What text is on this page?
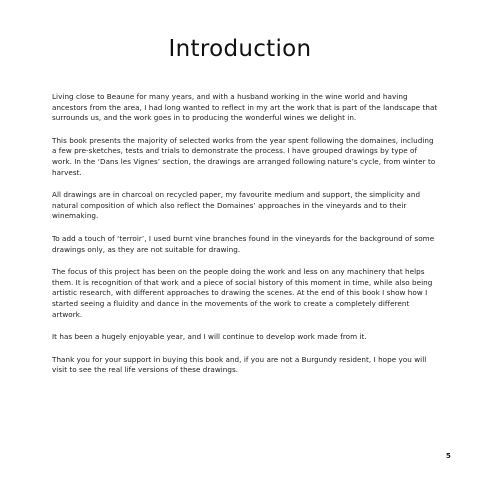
Introduction

Living close to Beaune for many years, and with a husband working in the wine world and having ancestors from the area, I had long wanted to reflect in my art the work that is part of the landscape that surrounds us, and the work goes in to producing the wonderful wines we delight in.

This book presents the majority of selected works from the year spent following the domaines, including a few pre-sketches, tests and trials to demonstrate the process. I have grouped drawings by type of work. In the ‘Dans les Vignes’ section, the drawings are arranged following nature’s cycle, from winter to harvest.

All drawings are in charcoal on recycled paper, my favourite medium and support, the simplicity and natural composition of which also reflect the Domaines’ approaches in the vineyards and to their winemaking.

To add a touch of ‘terroir’, I used burnt vine branches found in the vineyards for the background of some drawings only, as they are not suitable for drawing.

The focus of this project has been on the people doing the work and less on any machinery that helps them. It is recognition of that work and a piece of social history of this moment in time, while also being artistic research, with different approaches to drawing the scenes. At the end of this book I show how I started seeing a fluidity and dance in the movements of the work to create a completely different artwork.

It has been a hugely enjoyable year, and I will continue to develop work made from it.

Thank you for your support in buying this book and, if you are not a Burgundy resident, I hope you will visit to see the real life versions of these drawings.

5
